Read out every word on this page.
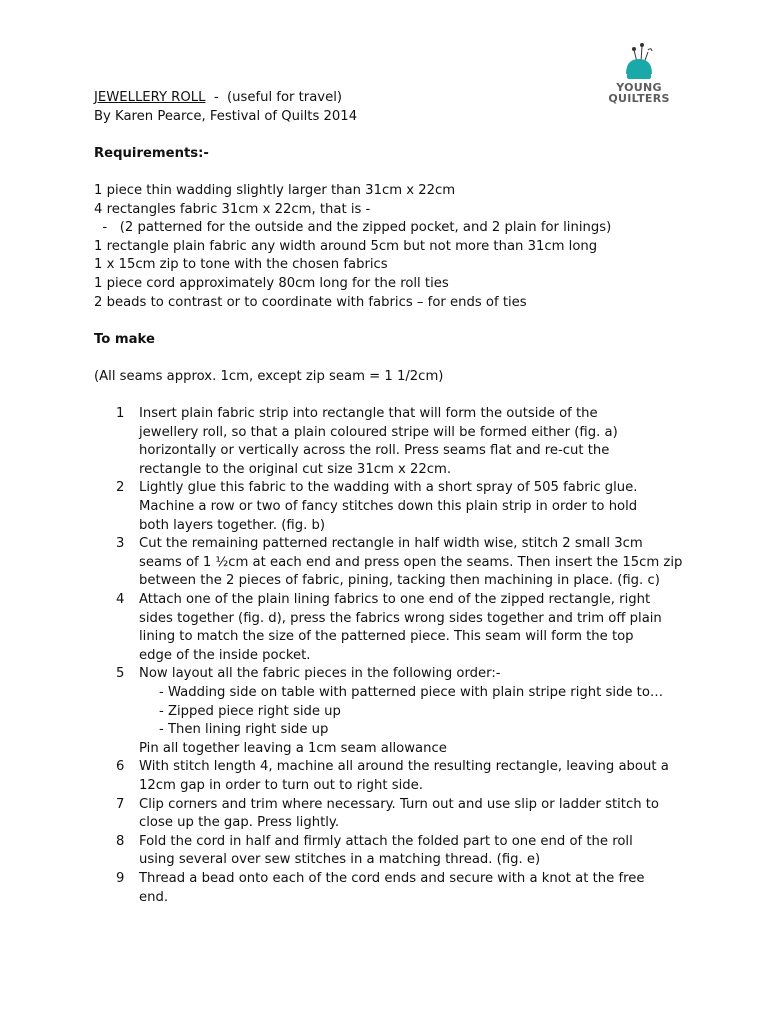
YOUNG
QUILTERS
JEWELLERY ROLL  -  (useful for travel)
By Karen Pearce, Festival of Quilts 2014
Requirements:-
1 piece thin wadding slightly larger than 31cm x 22cm
4 rectangles fabric 31cm x 22cm, that is -
-   (2 patterned for the outside and the zipped pocket, and 2 plain for linings)
1 rectangle plain fabric any width around 5cm but not more than 31cm long
1 x 15cm zip to tone with the chosen fabrics
1 piece cord approximately 80cm long for the roll ties
2 beads to contrast or to coordinate with fabrics – for ends of ties
To make
(All seams approx. 1cm, except zip seam = 1 1/2cm)
1 Insert plain fabric strip into rectangle that will form the outside of the
jewellery roll, so that a plain coloured stripe will be formed either (fig. a)
horizontally or vertically across the roll. Press seams flat and re-cut the
rectangle to the original cut size 31cm x 22cm.
2 Lightly glue this fabric to the wadding with a short spray of 505 fabric glue.
Machine a row or two of fancy stitches down this plain strip in order to hold
both layers together. (fig. b)
3 Cut the remaining patterned rectangle in half width wise, stitch 2 small 3cm
seams of 1 ½cm at each end and press open the seams. Then insert the 15cm zip
between the 2 pieces of fabric, pining, tacking then machining in place. (fig. c)
4 Attach one of the plain lining fabrics to one end of the zipped rectangle, right
sides together (fig. d), press the fabrics wrong sides together and trim off plain
lining to match the size of the patterned piece. This seam will form the top
edge of the inside pocket.
5 Now layout all the fabric pieces in the following order:-
- Wadding side on table with patterned piece with plain stripe right side to…
- Zipped piece right side up
- Then lining right side up
Pin all together leaving a 1cm seam allowance
6 With stitch length 4, machine all around the resulting rectangle, leaving about a
12cm gap in order to turn out to right side.
7 Clip corners and trim where necessary. Turn out and use slip or ladder stitch to
close up the gap. Press lightly.
8 Fold the cord in half and firmly attach the folded part to one end of the roll
using several over sew stitches in a matching thread. (fig. e)
9 Thread a bead onto each of the cord ends and secure with a knot at the free
end.
